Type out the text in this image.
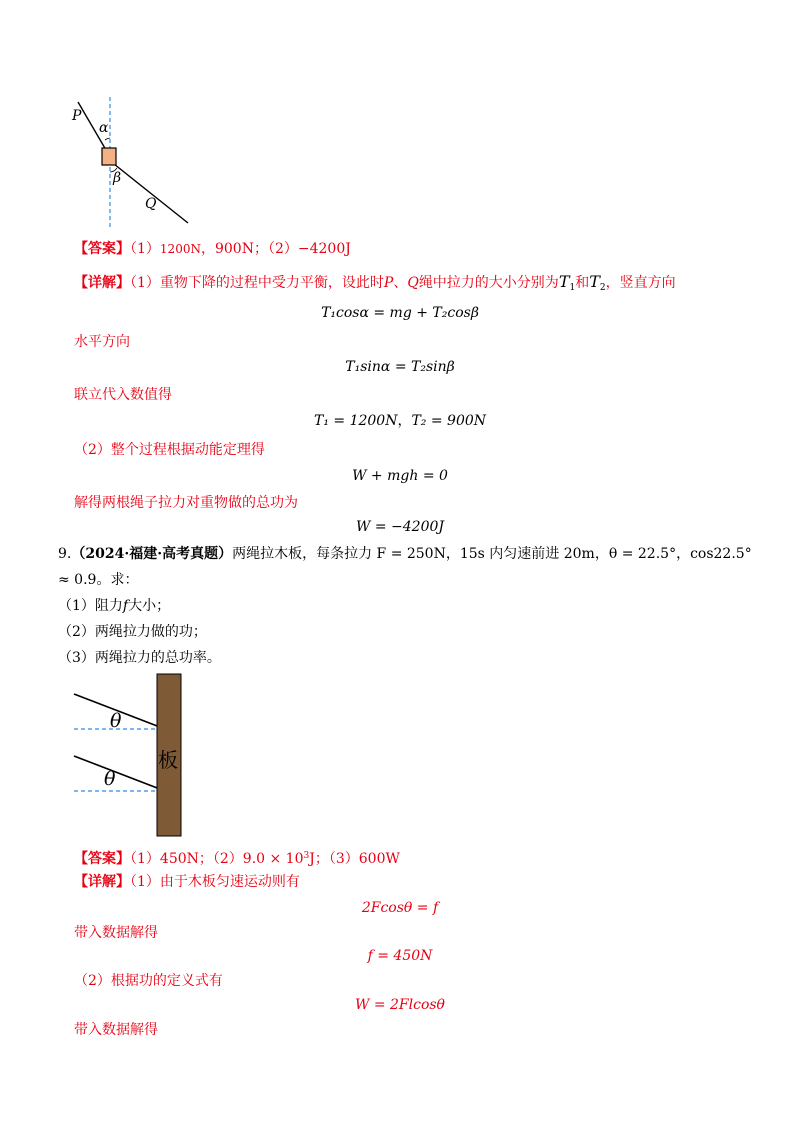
P
α
β
Q
【答案】（1）1200N，900N；（2）−4200J
【详解】（1）重物下降的过程中受力平衡，设此时P、Q绳中拉力的大小分别为$T_1$和$T_2$，竖直方向
T₁cosα = mg + T₂cosβ
水平方向
T₁sinα = T₂sinβ
联立代入数值得
T₁ = 1200N，T₂ = 900N
（2）整个过程根据动能定理得
W + mgh = 0
解得两根绳子拉力对重物做的总功为
W = −4200J
9.（2024·福建·高考真题）两绳拉木板，每条拉力 F = 250N，15s 内匀速前进 20m，θ = 22.5°，cos22.5°
≈ 0.9。求：
（1）阻力f大小；
（2）两绳拉力做的功；
（3）两绳拉力的总功率。
板
θ
θ
【答案】（1）450N；$(2)9.0 \times 10^3J$；（3）600W
【详解】（1）由于木板匀速运动则有
2Fcosθ = f
带入数据解得
f = 450N
（2）根据功的定义式有
W = 2Flcosθ
带入数据解得
